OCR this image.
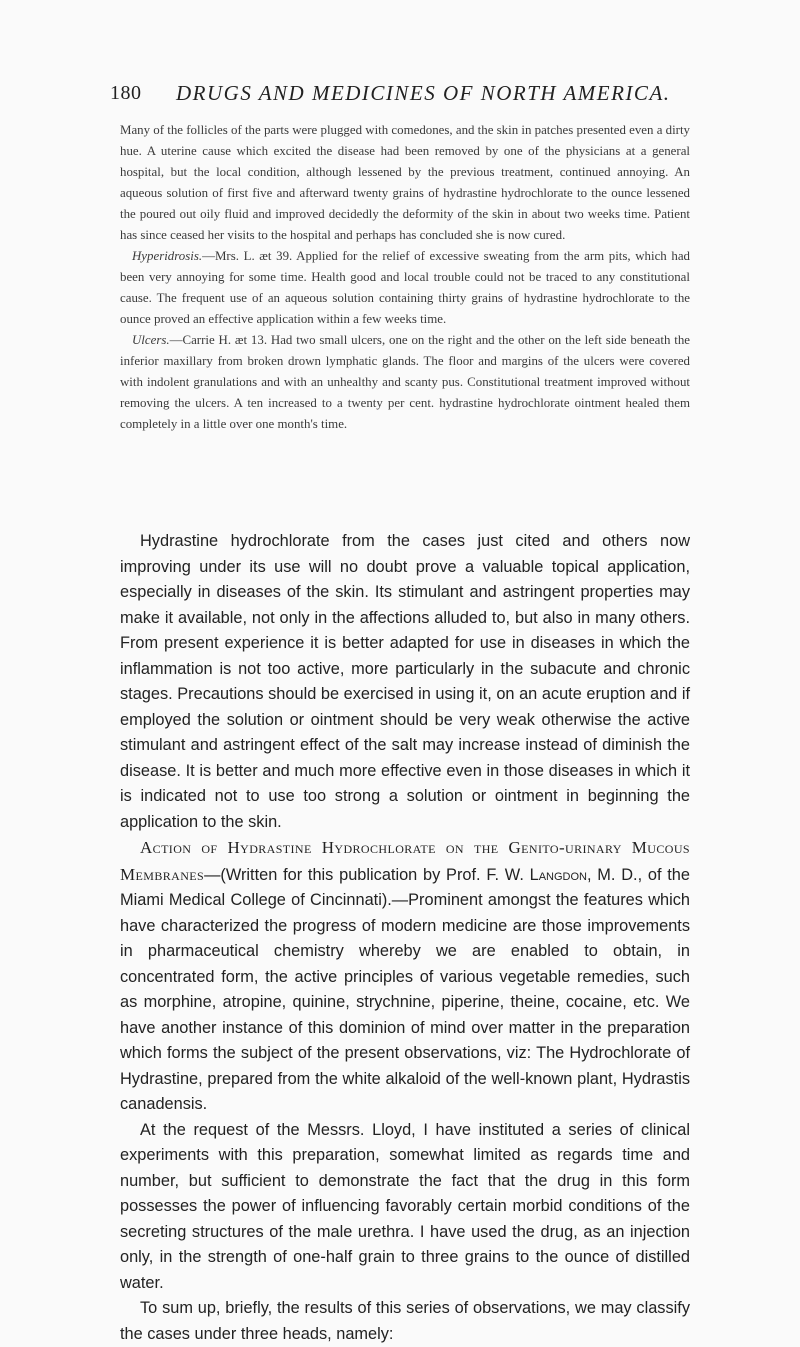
180 DRUGS AND MEDICINES OF NORTH AMERICA.

Many of the follicles of the parts were plugged with comedones, and the skin in patches presented even a dirty hue. A uterine cause which excited the disease had been removed by one of the physicians at a general hospital, but the local condition, although lessened by the previous treatment, continued annoying. An aqueous solution of first five and afterward twenty grains of hydrastine hydrochlorate to the ounce lessened the poured out oily fluid and improved decidedly the deformity of the skin in about two weeks time. Patient has since ceased her visits to the hospital and perhaps has concluded she is now cured.

Hyperidrosis.—Mrs. L. æt 39. Applied for the relief of excessive sweating from the arm pits, which had been very annoying for some time. Health good and local trouble could not be traced to any constitutional cause. The frequent use of an aqueous solution containing thirty grains of hydrastine hydrochlorate to the ounce proved an effective application within a few weeks time.

Ulcers.—Carrie H. æt 13. Had two small ulcers, one on the right and the other on the left side beneath the inferior maxillary from broken drown lymphatic glands. The floor and margins of the ulcers were covered with indolent granulations and with an unhealthy and scanty pus. Constitutional treatment improved without removing the ulcers. A ten increased to a twenty per cent. hydrastine hydrochlorate ointment healed them completely in a little over one month's time.

Hydrastine hydrochlorate from the cases just cited and others now improving under its use will no doubt prove a valuable topical application, especially in diseases of the skin. Its stimulant and astringent properties may make it available, not only in the affections alluded to, but also in many others. From present experience it is better adapted for use in diseases in which the inflammation is not too active, more particularly in the subacute and chronic stages. Precautions should be exercised in using it, on an acute eruption and if employed the solution or ointment should be very weak otherwise the active stimulant and astringent effect of the salt may increase instead of diminish the disease. It is better and much more effective even in those diseases in which it is indicated not to use too strong a solution or ointment in beginning the application to the skin.

Action of Hydrastine Hydrochlorate on the Genito-urinary Mucous Membranes—(Written for this publication by Prof. F. W. Langdon, M. D., of the Miami Medical College of Cincinnati).—Prominent amongst the features which have characterized the progress of modern medicine are those improvements in pharmaceutical chemistry whereby we are enabled to obtain, in concentrated form, the active principles of various vegetable remedies, such as morphine, atropine, quinine, strychnine, piperine, theine, cocaine, etc. We have another instance of this dominion of mind over matter in the preparation which forms the subject of the present observations, viz: The Hydrochlorate of Hydrastine, prepared from the white alkaloid of the well-known plant, Hydrastis canadensis.

At the request of the Messrs. Lloyd, I have instituted a series of clinical experiments with this preparation, somewhat limited as regards time and number, but sufficient to demonstrate the fact that the drug in this form possesses the power of influencing favorably certain morbid conditions of the secreting structures of the male urethra. I have used the drug, as an injection only, in the strength of one-half grain to three grains to the ounce of distilled water.

To sum up, briefly, the results of this series of observations, we may classify the cases under three heads, namely:
